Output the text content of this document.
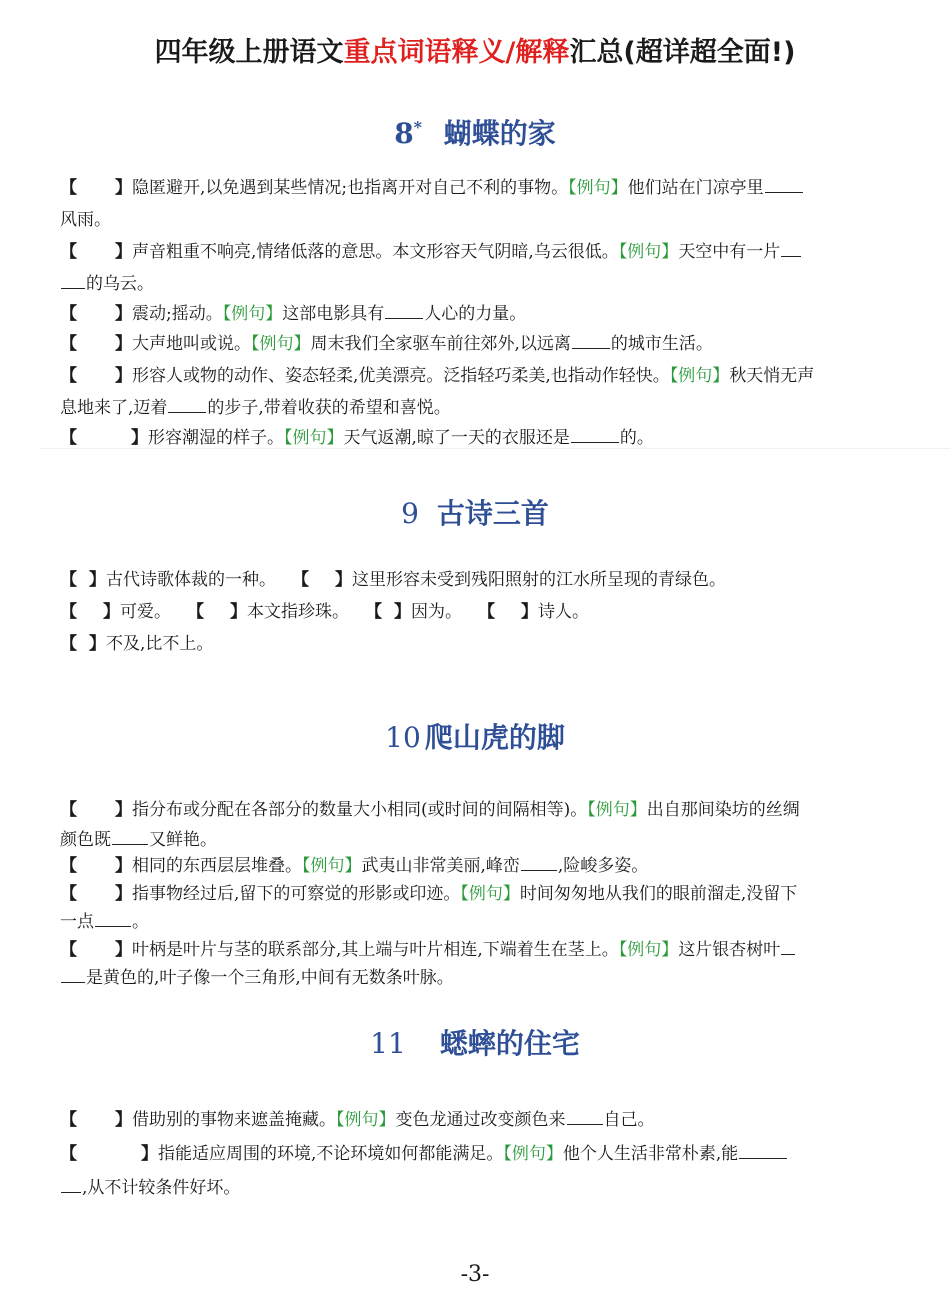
四年级上册语文重点词语释义/解释汇总(超详超全面!)
8* 蝴蝶的家
【 】隐匿避开,以免遇到某些情况;也指离开对自己不利的事物。【例句】他们站在门凉亭里
风雨。
【 】声音粗重不响亮,情绪低落的意思。本文形容天气阴暗,乌云很低。【例句】天空中有一片
的乌云。
【 】震动;摇动。【例句】这部电影具有 人心的力量。
【 】大声地叫或说。【例句】周末我们全家驱车前往郊外,以远离 的城市生活。
【 】形容人或物的动作、姿态轻柔,优美漂亮。泛指轻巧柔美,也指动作轻快。【例句】秋天悄无声
息地来了,迈着 的步子,带着收获的希望和喜悦。
【	】形容潮湿的样子。【例句】天气返潮,晾了一天的衣服还是	的。
9 古诗三首
【 】古代诗歌体裁的一种。 【 】这里形容未受到残阳照射的江水所呈现的青绿色。
【 】可爱。 【 】本文指珍珠。 【 】因为。 【 】诗人。
【 】不及,比不上。
10 爬山虎的脚
【 】指分布或分配在各部分的数量大小相同(或时间的间隔相等)。【例句】出自那间染坊的丝绸
颜色既 又鲜艳。
【 】相同的东西层层堆叠。【例句】武夷山非常美丽,峰峦 ,险峻多姿。
【 】指事物经过后,留下的可察觉的形影或印迹。【例句】时间匆匆地从我们的眼前溜走,没留下
一点 。
【 】叶柄是叶片与茎的联系部分,其上端与叶片相连,下端着生在茎上。【例句】这片银杏树叶
是黄色的,叶子像一个三角形,中间有无数条叶脉。
11 蟋蟀的住宅
【 】借助别的事物来遮盖掩藏。【例句】变色龙通过改变颜色来 自己。
【	】指能适应周围的环境,不论环境如何都能满足。【例句】他个人生活非常朴素,能
,从不计较条件好坏。
-3-
